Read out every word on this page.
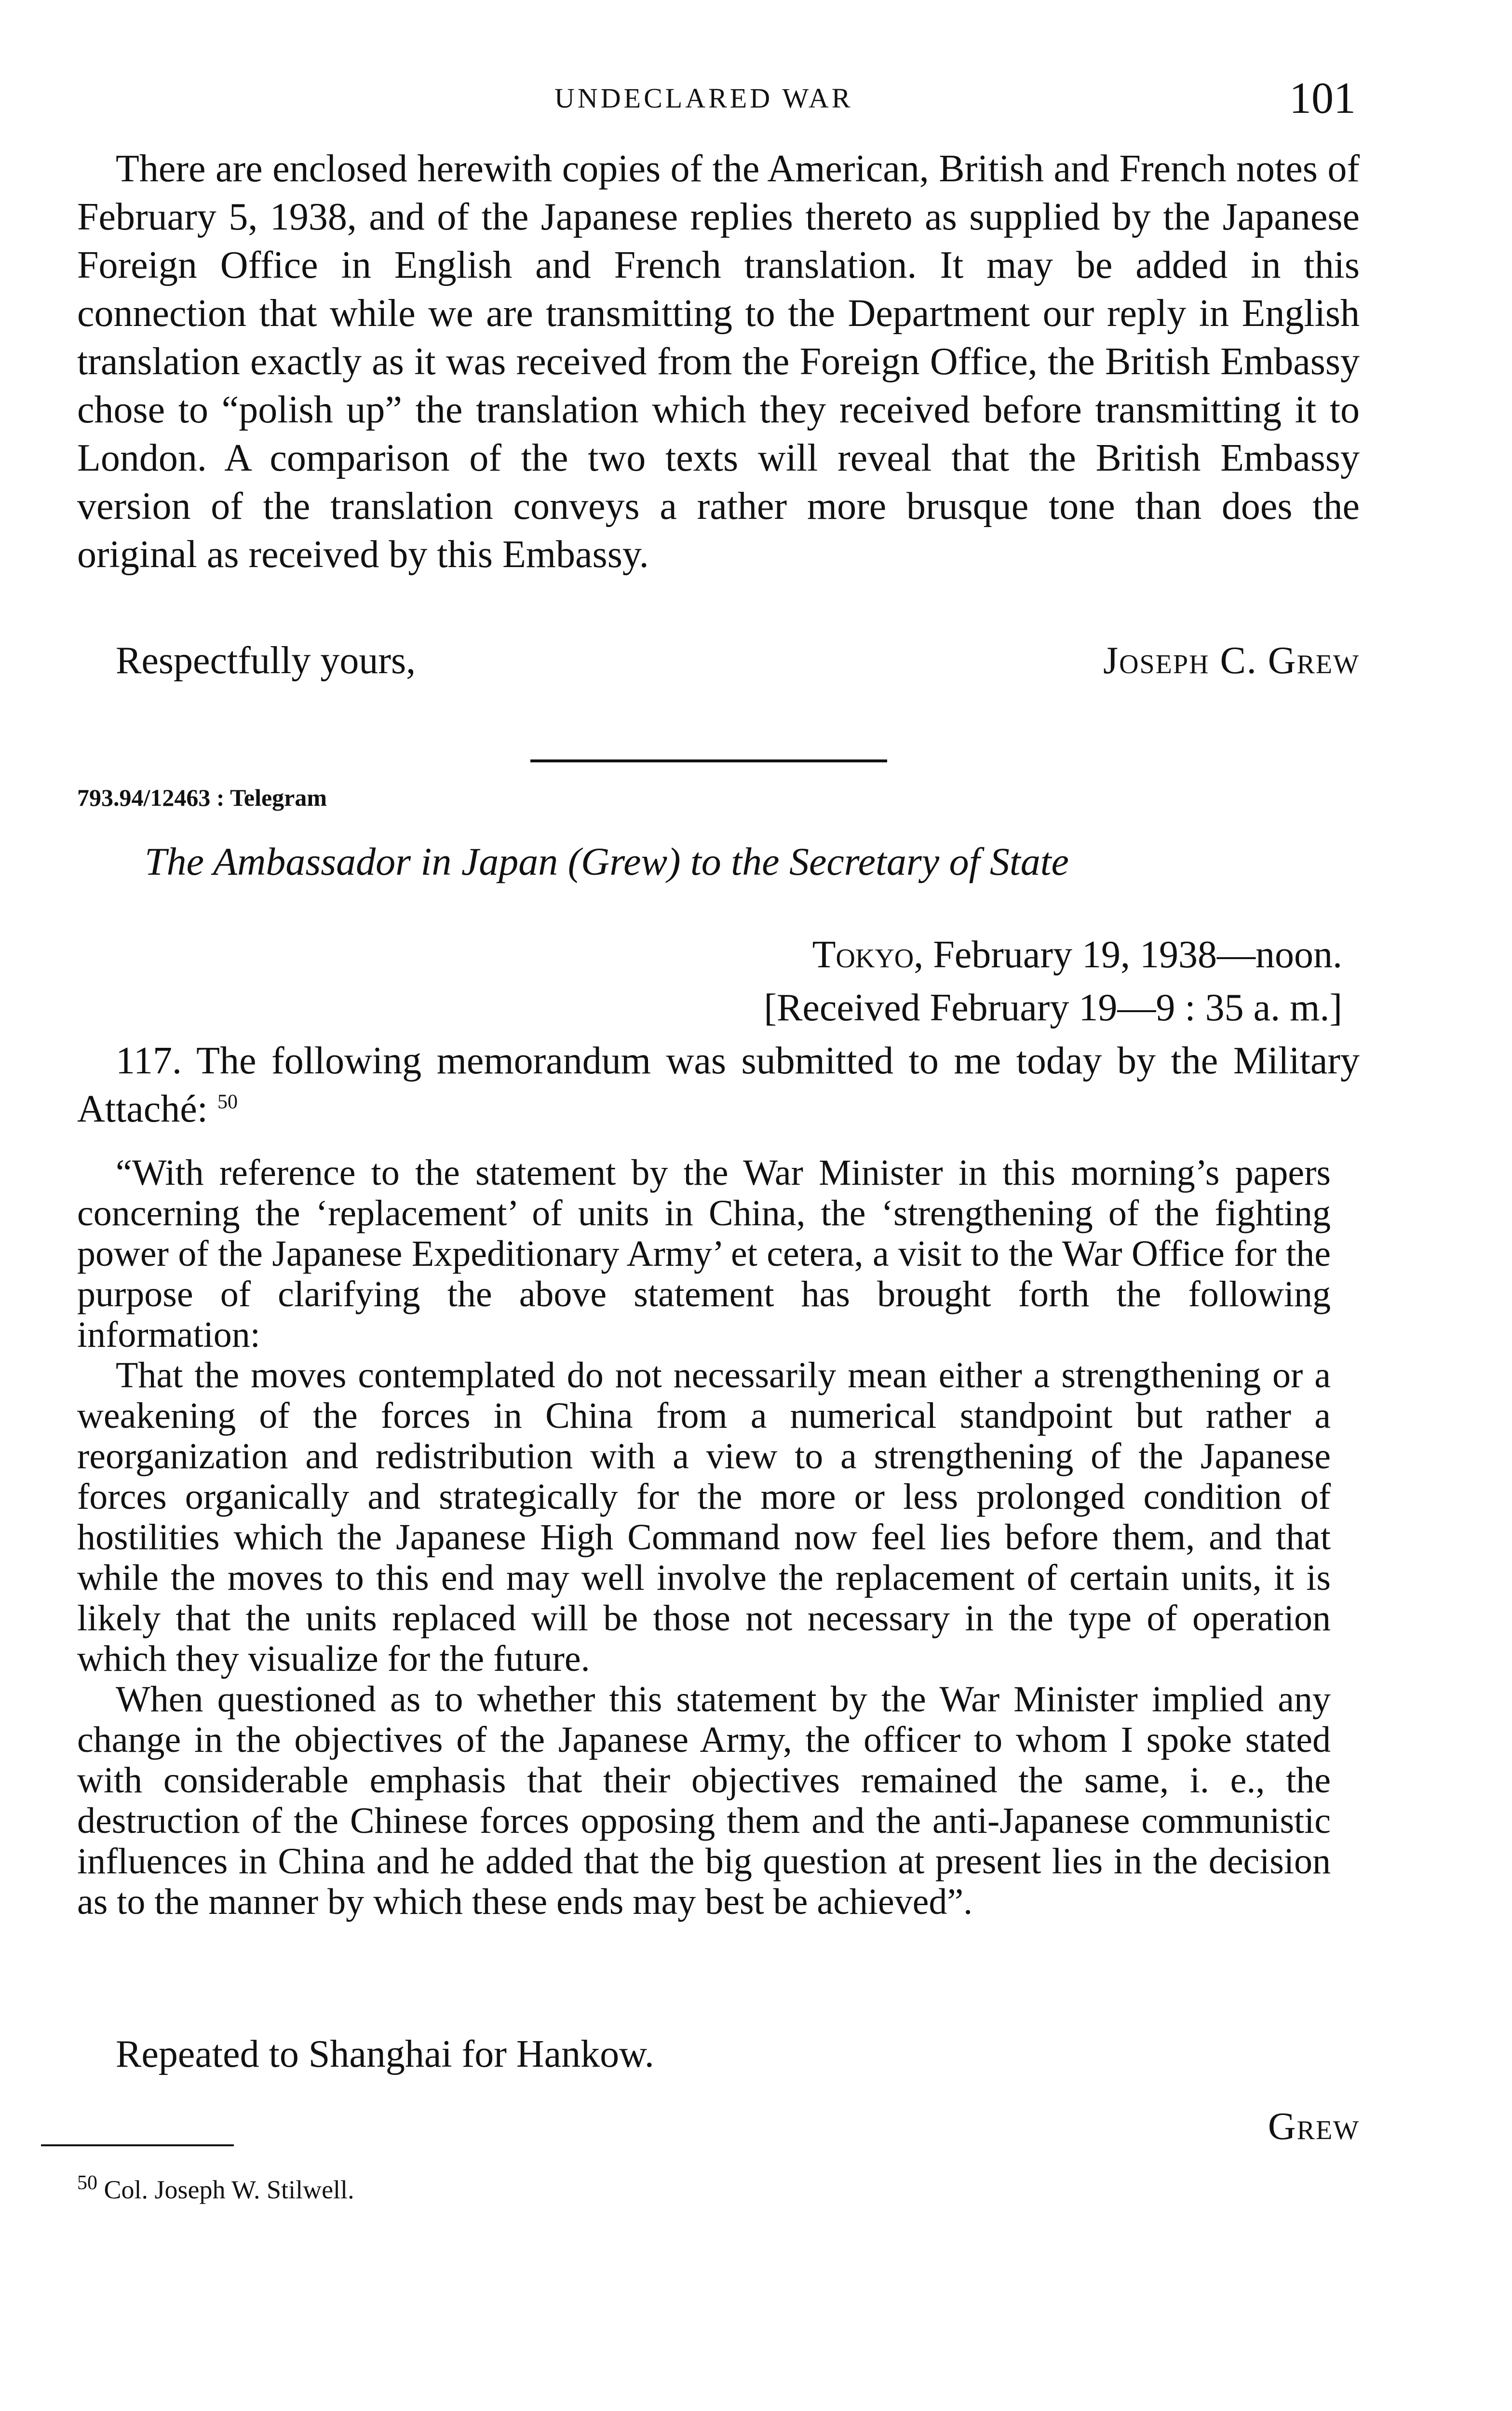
UNDECLARED WAR	101

There are enclosed herewith copies of the American, British and French notes of February 5, 1938, and of the Japanese replies thereto as supplied by the Japanese Foreign Office in English and French translation. It may be added in this connection that while we are transmitting to the Department our reply in English translation exactly as it was received from the Foreign Office, the British Embassy chose to “polish up” the translation which they received before transmitting it to London. A comparison of the two texts will reveal that the British Embassy version of the translation conveys a rather more brusque tone than does the original as received by this Embassy.

Respectfully yours,	Joseph C. Grew
793.94/12463 : Telegram
The Ambassador in Japan (Grew) to the Secretary of State
Tokyo, February 19, 1938—noon.
[Received February 19—9 : 35 a. m.]

117. The following memorandum was submitted to me today by the Military Attaché: $^{50}$

“With reference to the statement by the War Minister in this morning’s papers concerning the ‘replacement’ of units in China, the ‘strengthening of the fighting power of the Japanese Expeditionary Army’ et cetera, a visit to the War Office for the purpose of clarifying the above statement has brought forth the following information:

That the moves contemplated do not necessarily mean either a strengthening or a weakening of the forces in China from a numerical standpoint but rather a reorganization and redistribution with a view to a strengthening of the Japanese forces organically and strategically for the more or less prolonged condition of hostilities which the Japanese High Command now feel lies before them, and that while the moves to this end may well involve the replacement of certain units, it is likely that the units replaced will be those not necessary in the type of operation which they visualize for the future.

When questioned as to whether this statement by the War Minister implied any change in the objectives of the Japanese Army, the officer to whom I spoke stated with considerable emphasis that their objectives remained the same, i. e., the destruction of the Chinese forces opposing them and the anti-Japanese communistic influences in China and he added that the big question at present lies in the decision as to the manner by which these ends may best be achieved”.

Repeated to Shanghai for Hankow.

Grew
$^{50}$ Col. Joseph W. Stilwell.
